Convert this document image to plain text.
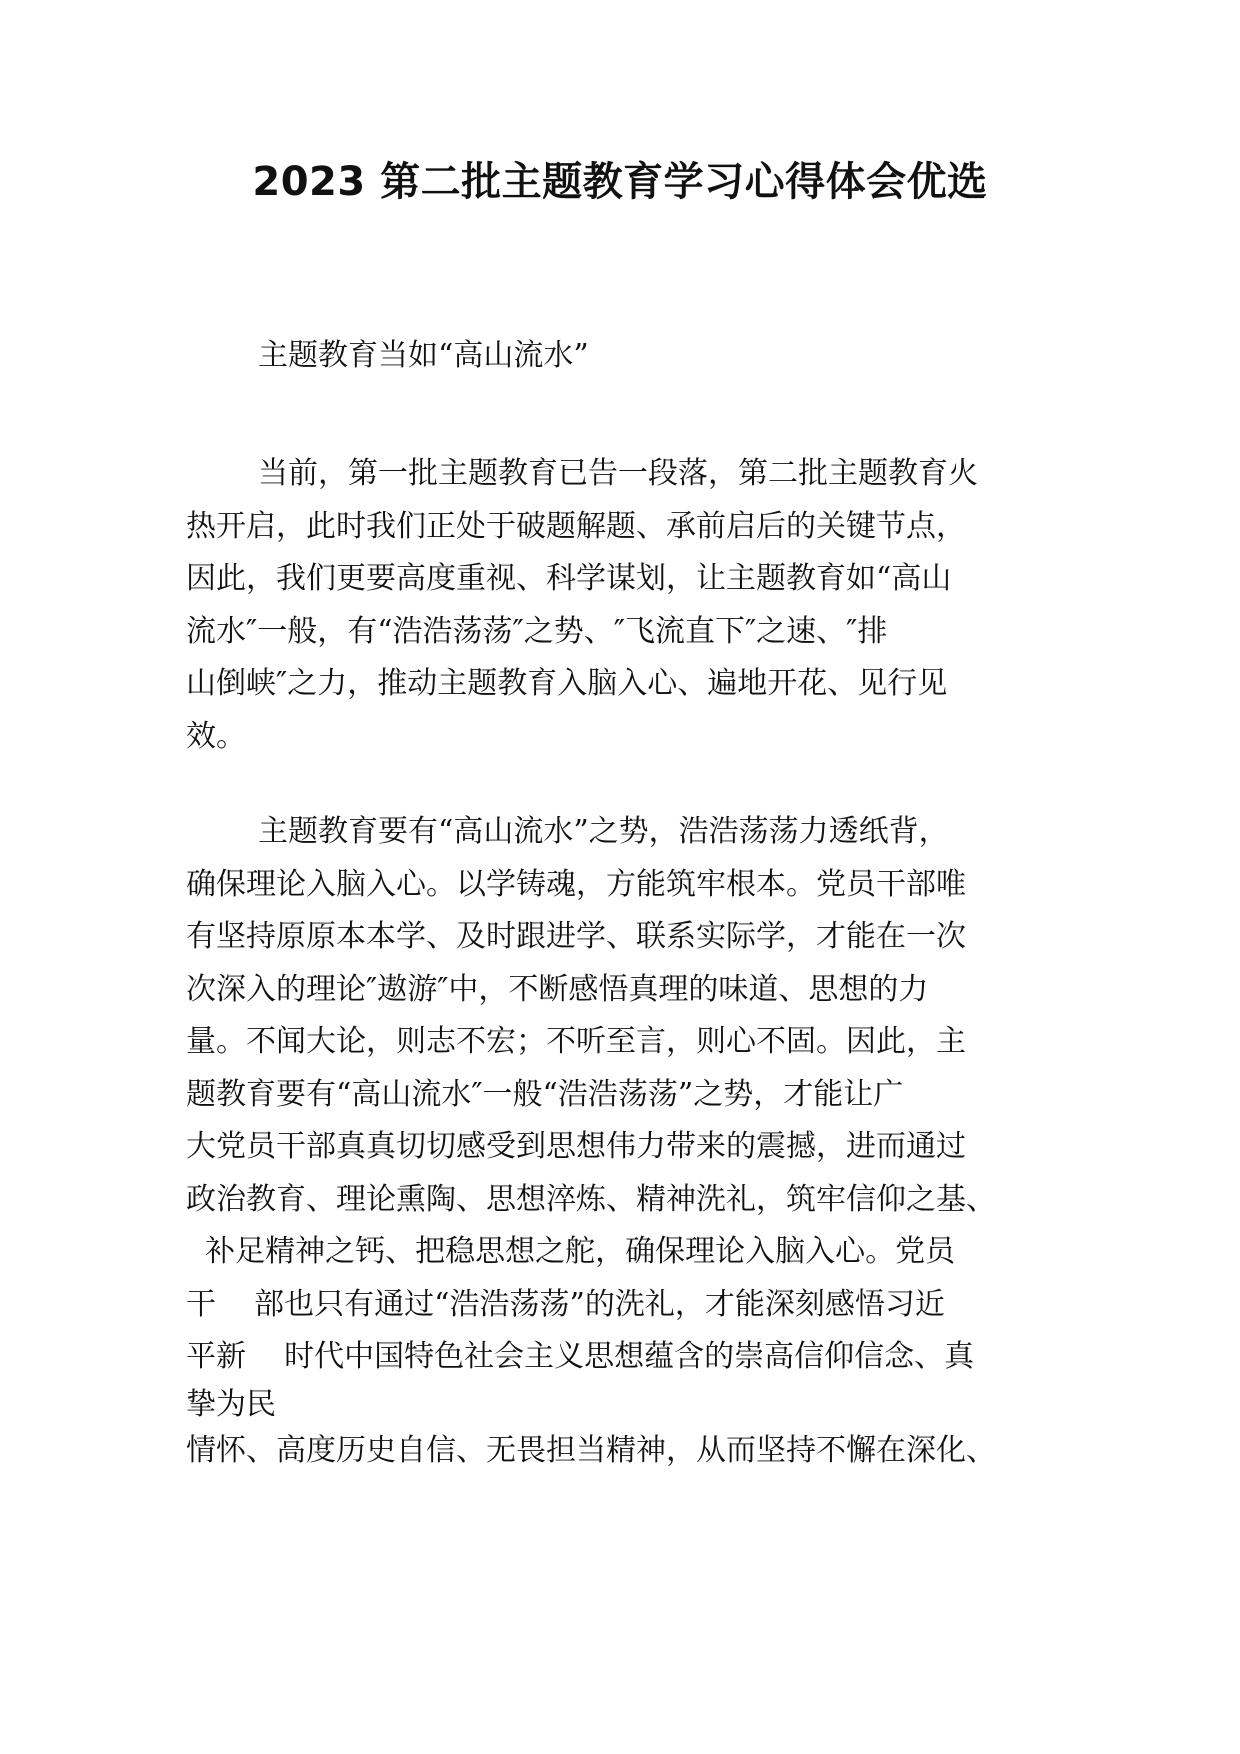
2023 第二批主题教育学习心得体会优选

主题教育当如“高山流水”

当前，第一批主题教育已告一段落，第二批主题教育火
热开启，此时我们正处于破题解题、承前启后的关键节点，
因此，我们更要高度重视、科学谋划，让主题教育如“高山
流水″一般，有“浩浩荡荡″之势、″飞流直下″之速、″排
山倒峡″之力，推动主题教育入脑入心、遍地开花、见行见
效。
主题教育要有“高山流水”之势，浩浩荡荡力透纸背，
确保理论入脑入心。以学铸魂，方能筑牢根本。党员干部唯
有坚持原原本本学、及时跟进学、联系实际学，才能在一次
次深入的理论″遨游″中，不断感悟真理的味道、思想的力
量。不闻大论，则志不宏；不听至言，则心不固。因此，主
题教育要有“高山流水″一般“浩浩荡荡”之势，才能让广
大党员干部真真切切感受到思想伟力带来的震撼，进而通过
政治教育、理论熏陶、思想淬炼、精神洗礼，筑牢信仰之基、
补足精神之钙、把稳思想之舵，确保理论入脑入心。党员
干    部也只有通过“浩浩荡荡”的洗礼，才能深刻感悟习近
平新    时代中国特色社会主义思想蕴含的崇高信仰信念、真
挚为民
情怀、高度历史自信、无畏担当精神，从而坚持不懈在深化、
